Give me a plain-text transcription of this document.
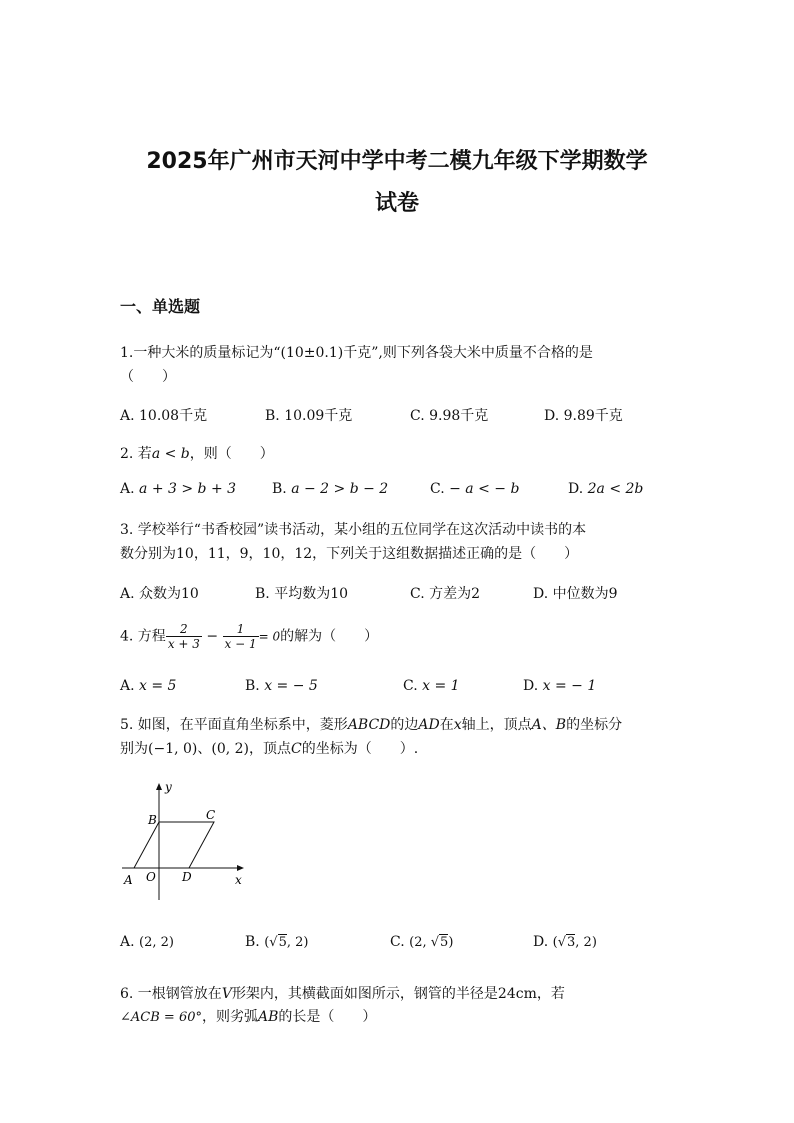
2025年广州市天河中学中考二模九年级下学期数学
试卷
一、单选题
1.一种大米的质量标记为“(10±0.1)千克”,则下列各袋大米中质量不合格的是
（　　）
A. 10.08千克	B. 10.09千克	C. 9.98千克	D. 9.89千克
2. 若a < b，则（　　）
A. a + 3 > b + 3	B. a − 2 > b − 2	C. − a < − b	D. 2a < 2b
3. 学校举行“书香校园”读书活动，某小组的五位同学在这次活动中读书的本
数分别为10，11，9，10，12，下列关于这组数据描述正确的是（　　）
A. 众数为10	B. 平均数为10	C. 方差为2	D. 中位数为9
4. 方程 $\frac{2}{x + 3} - \frac{1}{x - 1} = 0$的解为（　　）
A. x = 5	B. x = − 5	C. x = 1	D. x = − 1
5. 如图，在平面直角坐标系中，菱形ABCD的边AD在x轴上，顶点A、B的坐标分
别为(−1, 0)、(0, 2)，顶点C的坐标为（　　）.
y
x
B	C
A O D
A. (2, 2)	B. (√5, 2)	C. (2, √5)	D. (√3, 2)
6. 一根钢管放在V形架内，其横截面如图所示，钢管的半径是24cm，若
∠ACB = 60°，则劣弧AB的长是（　　）
